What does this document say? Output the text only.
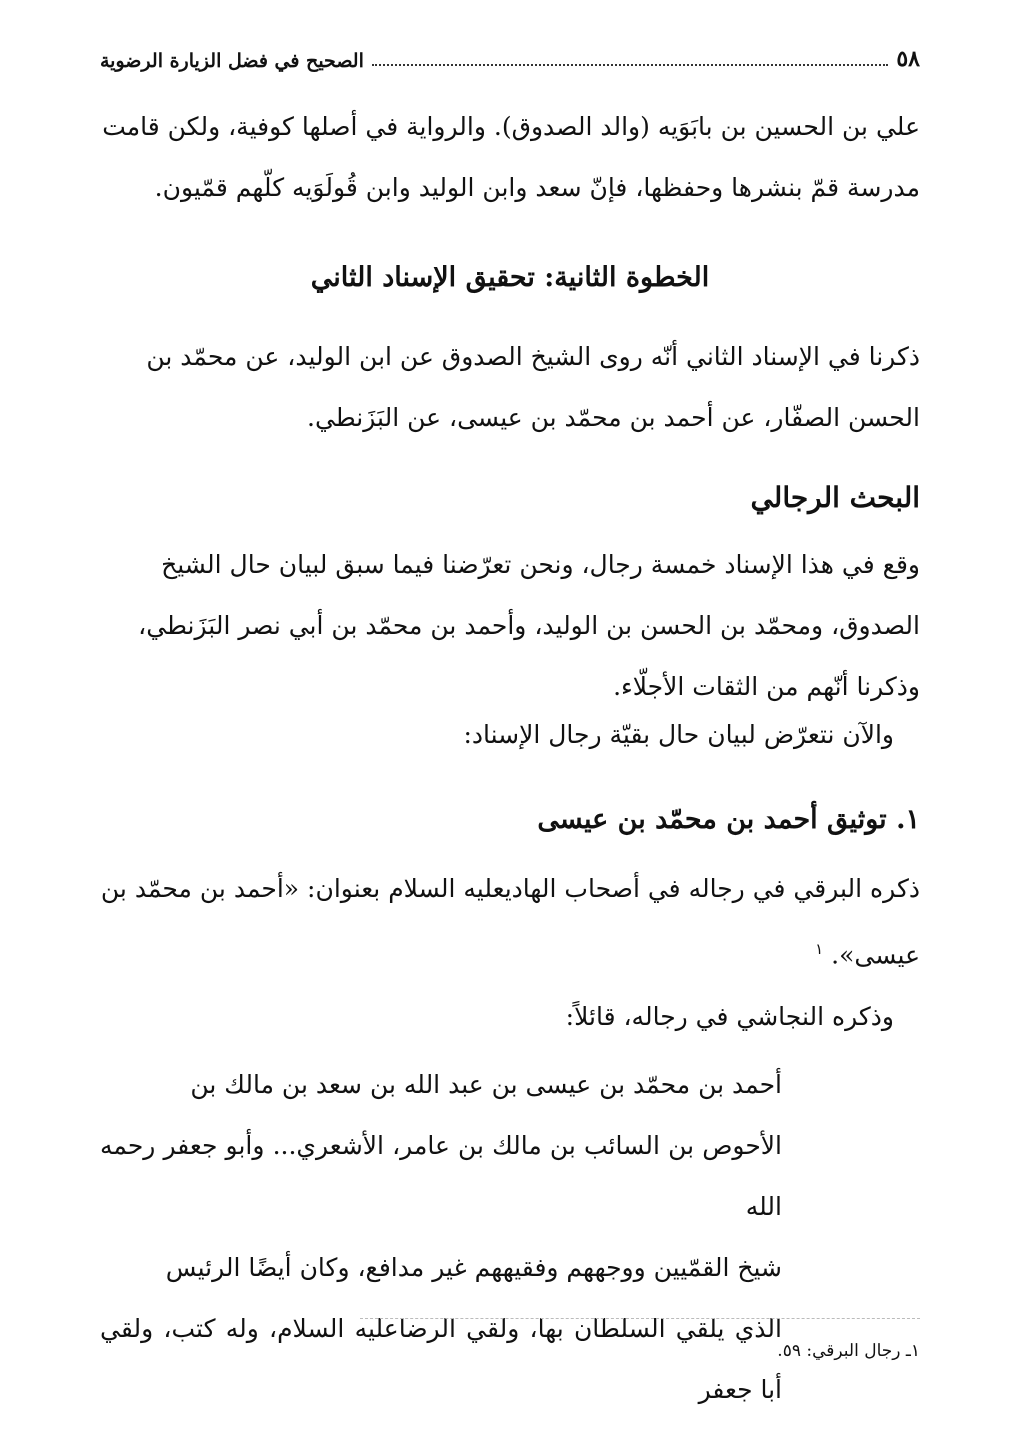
٥٨
الصحيح في فضل الزيارة الرضوية
علي بن الحسين بن بابَوَيه (والد الصدوق). والرواية في أصلها كوفية، ولكن قامت
مدرسة قمّ بنشرها وحفظها، فإنّ سعد وابن الوليد وابن قُولَوَيه كلّهم قمّيون.
الخطوة الثانية: تحقيق الإسناد الثاني
ذكرنا في الإسناد الثاني أنّه روى الشيخ الصدوق عن ابن الوليد، عن محمّد بن
الحسن الصفّار، عن أحمد بن محمّد بن عيسى، عن البَزَنطي.
البحث الرجالي
وقع في هذا الإسناد خمسة رجال، ونحن تعرّضنا فيما سبق لبيان حال الشيخ
الصدوق، ومحمّد بن الحسن بن الوليد، وأحمد بن محمّد بن أبي نصر البَزَنطي،
وذكرنا أنّهم من الثقات الأجلّاء.
والآن نتعرّض لبيان حال بقيّة رجال الإسناد:
١. توثيق أحمد بن محمّد بن عيسى
ذكره البرقي في رجاله في أصحاب الهاديعليه السلام بعنوان: «أحمد بن محمّد بن
عيسى». $^١$
وذكره النجاشي في رجاله، قائلاً:
أحمد بن محمّد بن عيسى بن عبد الله بن سعد بن مالك بن
الأحوص بن السائب بن مالك بن عامر، الأشعري... وأبو جعفر رحمه الله
شيخ القمّيين ووجههم وفقيههم غير مدافع، وكان أيضًا الرئيس
الذي يلقي السلطان بها، ولقي الرضاعليه السلام، وله كتب، ولقي أبا جعفر
١ـ رجال البرقي: ٥٩.
